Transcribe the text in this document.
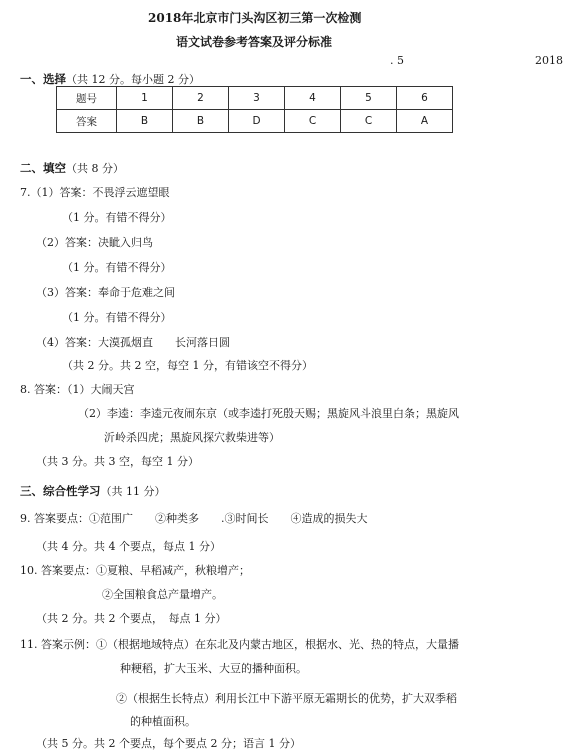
2018年北京市门头沟区初三第一次检测
语文试卷参考答案及评分标准
. 5	2018
一、选择（共 12 分。每小题 2 分）
题号	1	2	3	4	5	6
答案	B	B	D	C	C	A
二、填空（共 8 分）
7.（1）答案：不畏浮云遮望眼
（1 分。有错不得分）
（2）答案：决眦入归鸟
（1 分。有错不得分）
（3）答案：奉命于危难之间
（1 分。有错不得分）
（4）答案：大漠孤烟直　　长河落日圆
（共 2 分。共 2 空，每空 1 分，有错该空不得分）
8. 答案：（1）大闹天宫
（2）李逵：李逵元夜闹东京（或李逵打死殷天赐；黑旋风斗浪里白条；黑旋风
沂岭杀四虎；黑旋风探穴救柴进等）
（共 3 分。共 3 空，每空 1 分）
三、综合性学习（共 11 分）
9. 答案要点：①范围广　　②种类多　　.③时间长　　④造成的损失大
（共 4 分。共 4 个要点，每点 1 分）
10. 答案要点：①夏粮、早稻减产，秋粮增产；
②全国粮食总产量增产。
（共 2 分。共 2 个要点，　每点 1 分）
11. 答案示例：①（根据地域特点）在东北及内蒙古地区，根据水、光、热的特点，大量播
种粳稻，扩大玉米、大豆的播种面积。
②（根据生长特点）利用长江中下游平原无霜期长的优势，扩大双季稻
的种植面积。
（共 5 分。共 2 个要点，每个要点 2 分；语言 1 分）
